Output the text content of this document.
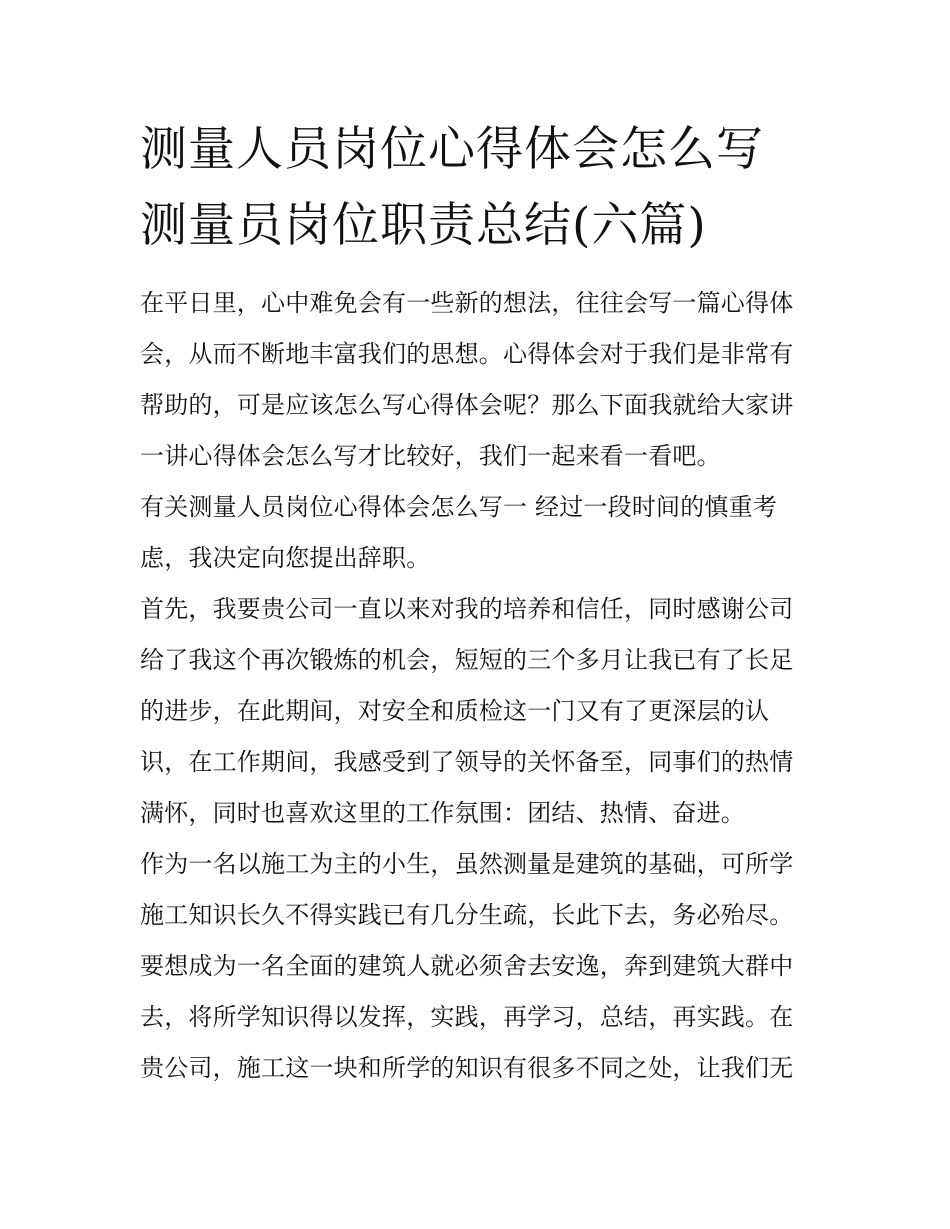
测量人员岗位心得体会怎么写
测量员岗位职责总结(六篇)
在平日里，心中难免会有一些新的想法，往往会写一篇心得体
会，从而不断地丰富我们的思想。心得体会对于我们是非常有
帮助的，可是应该怎么写心得体会呢？那么下面我就给大家讲
一讲心得体会怎么写才比较好，我们一起来看一看吧。
有关测量人员岗位心得体会怎么写一 经过一段时间的慎重考
虑，我决定向您提出辞职。
首先，我要贵公司一直以来对我的培养和信任，同时感谢公司
给了我这个再次锻炼的机会，短短的三个多月让我已有了长足
的进步，在此期间，对安全和质检这一门又有了更深层的认
识，在工作期间，我感受到了领导的关怀备至，同事们的热情
满怀，同时也喜欢这里的工作氛围：团结、热情、奋进。
作为一名以施工为主的小生，虽然测量是建筑的基础，可所学
施工知识长久不得实践已有几分生疏，长此下去，务必殆尽。
要想成为一名全面的建筑人就必须舍去安逸，奔到建筑大群中
去，将所学知识得以发挥，实践，再学习，总结，再实践。在
贵公司，施工这一块和所学的知识有很多不同之处，让我们无
